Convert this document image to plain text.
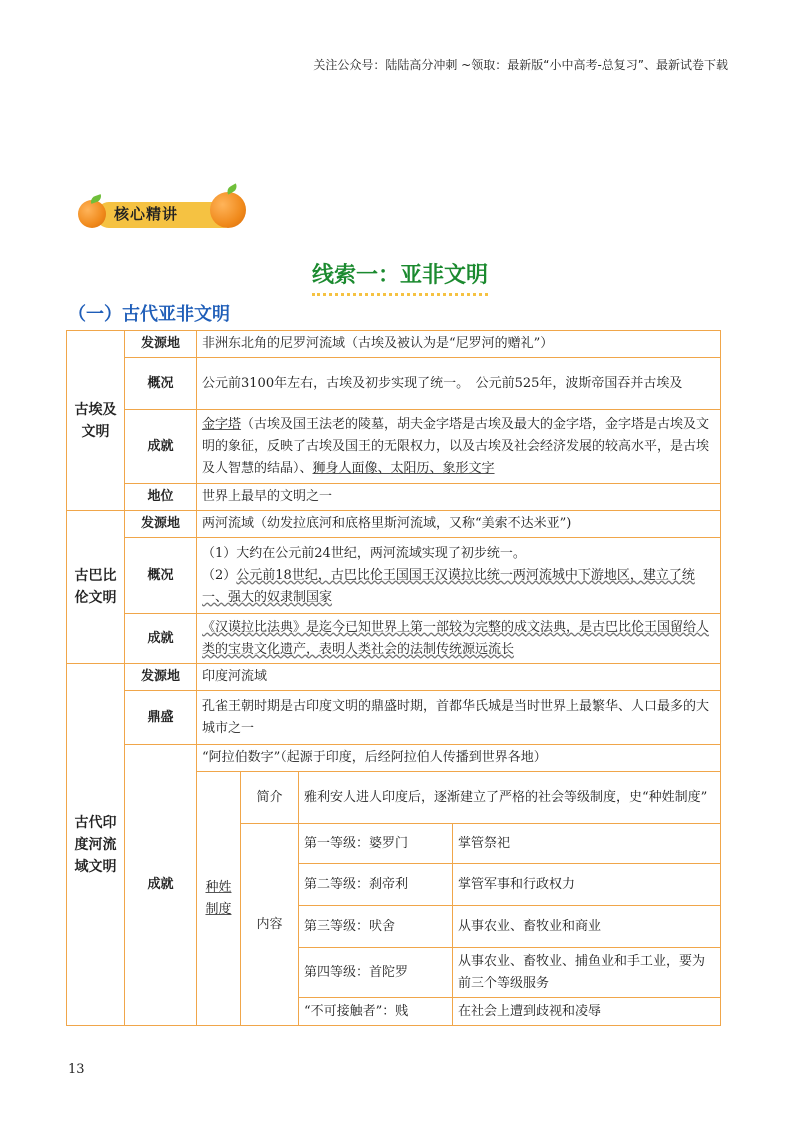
关注公众号：陆陆高分冲刺 ~领取：最新版“小中高考-总复习”、最新试卷下载
核心精讲
线索一：亚非文明
（一）古代亚非文明
古埃及文明	发源地	非洲东北角的尼罗河流域（古埃及被认为是“尼罗河的赠礼”）			
	概况	公元前3100年左右，古埃及初步实现了统一。　公元前525年，波斯帝国吞并古埃及			
	成就	金字塔（古埃及国王法老的陵墓，胡夫金字塔是古埃及最大的金字塔，金字塔是古埃及文明的象征，反映了古埃及国王的无限权力，以及古埃及社会经济发展的较高水平，是古埃及人智慧的结晶）、狮身人面像、太阳历、象形文字			
	地位	世界上最早的文明之一			
古巴比伦文明	发源地	两河流域（幼发拉底河和底格里斯河流域，又称“美索不达米亚”)			
	概况	（1）大约在公元前24世纪，两河流域实现了初步统一。
（2）公元前18世纪，古巴比伦王国国王汉谟拉比统一两河流城中下游地区，建立了统一、强大的奴隶制国家			

	成就	《汉谟拉比法典》是迄今已知世界上第一部较为完整的成文法典，是古巴比伦王国留给人类的宝贵文化遗产，表明人类社会的法制传统源远流长			
古代印度河流域文明	发源地	印度河流域			
	鼎盛	孔雀王朝时期是古印度文明的鼎盛时期，首都华氏城是当时世界上最繁华、人口最多的大城市之一			
	成就	“阿拉伯数字”（起源于印度，后经阿拉伯人传播到世界各地）			
		种姓制度	简介	雅利安人进人印度后，逐渐建立了严格的社会等级制度，史“种姓制度”	
			内容	第一等级：婆罗门	掌管祭祀
				第二等级：刹帝利	掌管军事和行政权力
				第三等级：吠舍	从事农业、畜牧业和商业
				第四等级：首陀罗	从事农业、畜牧业、捕鱼业和手工业，要为前三个等级服务
				“不可接触者”：贱	在社会上遭到歧视和凌辱
13
